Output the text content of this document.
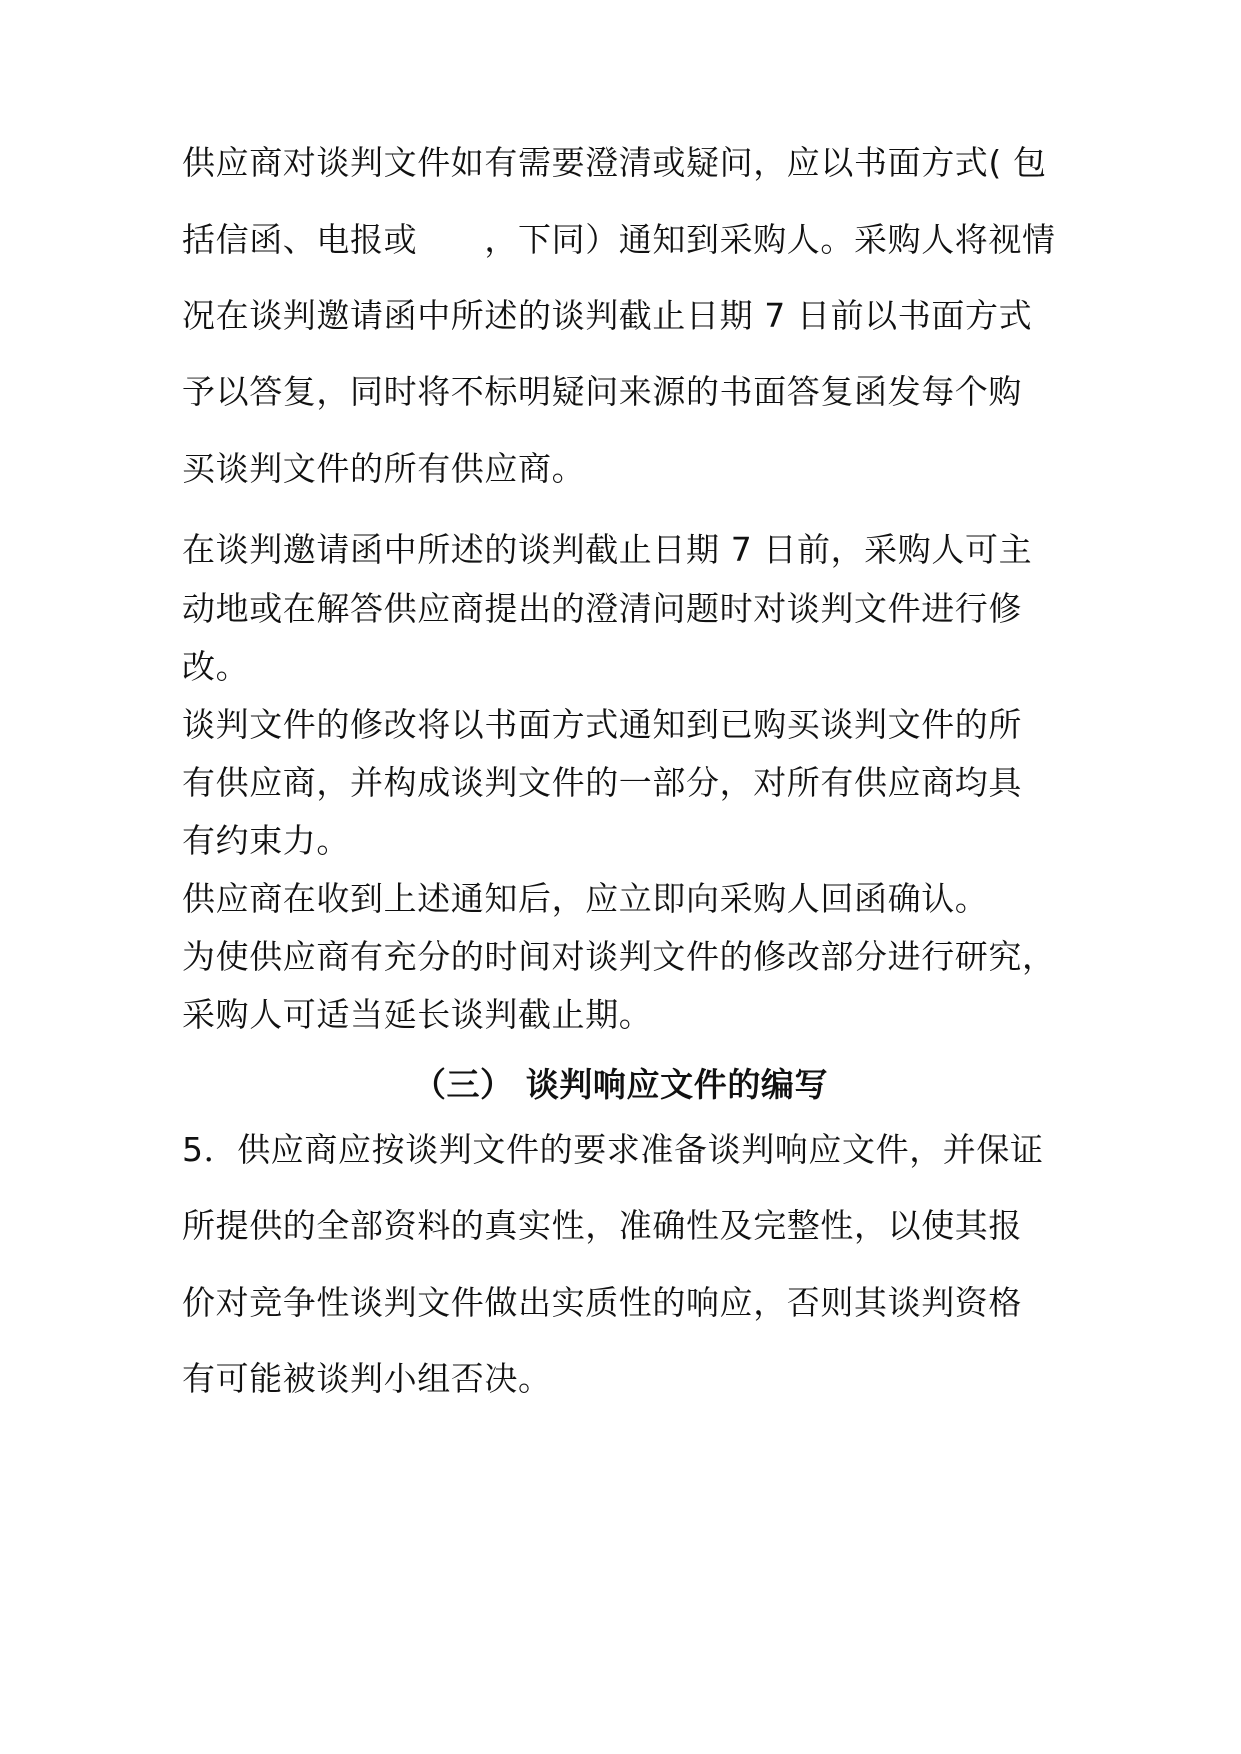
供应商对谈判文件如有需要澄清或疑问，应以书面方式( 包
括信函、电报或　　，下同）通知到采购人。采购人将视情
况在谈判邀请函中所述的谈判截止日期 7 日前以书面方式
予以答复，同时将不标明疑问来源的书面答复函发每个购
买谈判文件的所有供应商。
在谈判邀请函中所述的谈判截止日期 7 日前，采购人可主
动地或在解答供应商提出的澄清问题时对谈判文件进行修
改。
谈判文件的修改将以书面方式通知到已购买谈判文件的所
有供应商，并构成谈判文件的一部分，对所有供应商均具
有约束力。
供应商在收到上述通知后，应立即向采购人回函确认。
为使供应商有充分的时间对谈判文件的修改部分进行研究，
采购人可适当延长谈判截止期。
（三） 谈判响应文件的编写
5．供应商应按谈判文件的要求准备谈判响应文件，并保证
所提供的全部资料的真实性，准确性及完整性，以使其报
价对竞争性谈判文件做出实质性的响应，否则其谈判资格
有可能被谈判小组否决。
